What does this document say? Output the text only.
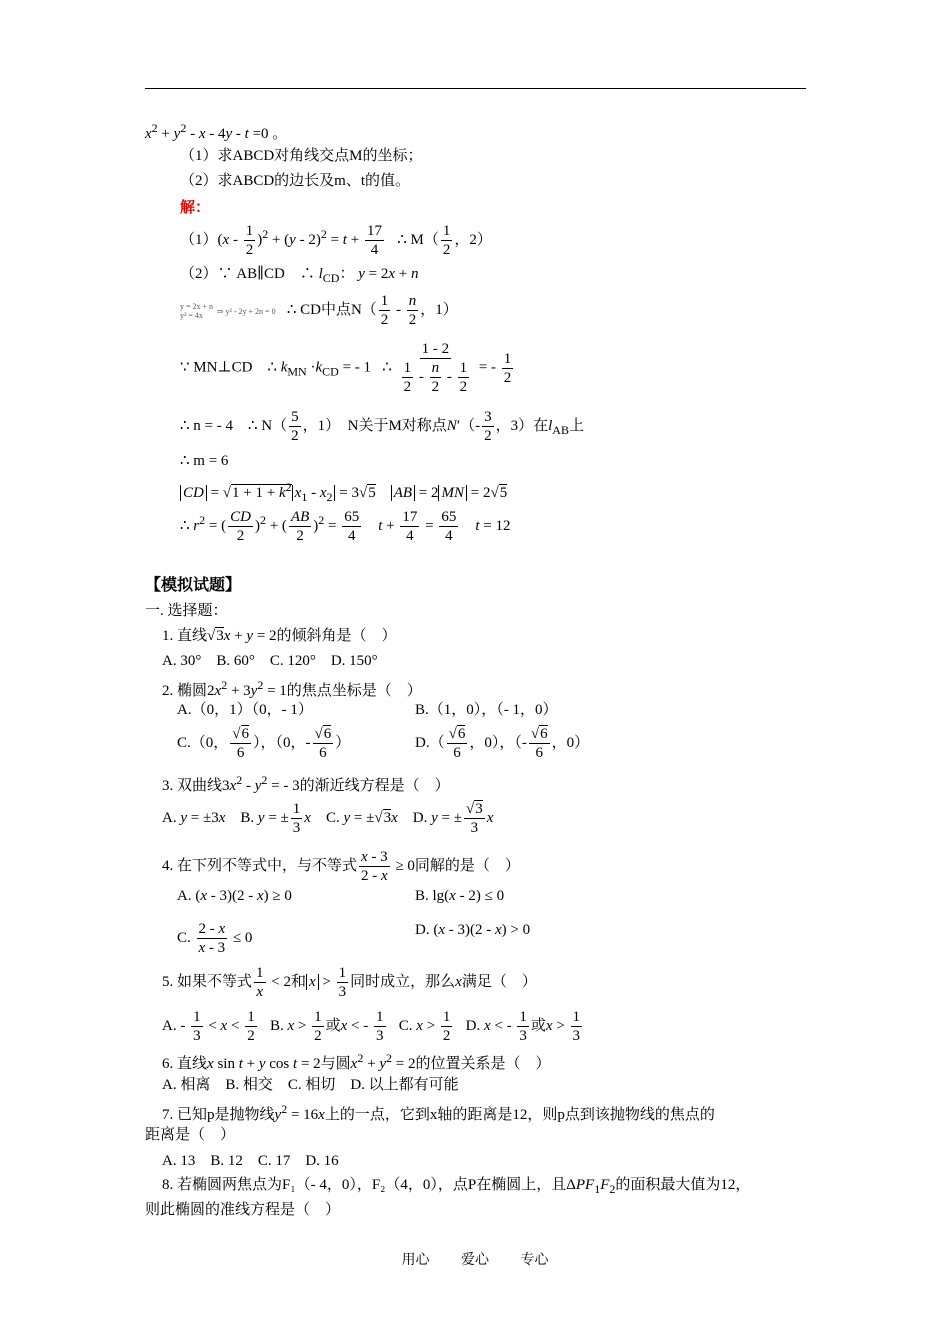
$x^2 + y^2 - x - 4y - t =0$ 。
（1）求ABCD对角线交点M的坐标；
（2）求ABCD的边长及m、t的值。
解：
$(1)(x - \frac{1}{2} )^2 + (y - 2)^2 = t + \frac{17}{4}$ ∴ $M( \frac{1}{2}$ ，2）
（2）∵ AB∥CD　∴ $l_{CD}$： y = 2x + n
y = 2x + n
y² = 4x ⇒ y² - 2y + 2n = 0 ∴ CD中点$N( \frac{1}{2} - \frac{n}{2}$ ，1）
∵ MN⊥CD　∴ $k_{MN} \cdot k_{CD}$ = - 1   ∴ $\frac{1 - 2}{\frac{1}{2} - \frac{n}{2} - \frac{1}{2}}$ = - $\frac{1}{2}$
∴ n = - 4　∴ $N( \frac{5}{2}$ ，1）　N关于M对称点$N'(- \frac{3}{2}$ ，3）在$l_{AB}$上
∴ m = 6
CD = $√1 + 1 + k^2$ $x_1 - x_2 = 3√5$ AB = 2 MN = 2√5
∴ $r^2$ = ( $\frac{CD}{2} )^2$ + ( $\frac{AB}{2} )^2 = \frac{65}{4}$ $t + \frac{17}{4} = \frac{65}{4}$ t = 12
【模拟试题】
一. 选择题：
1. 直线√3x + y = 2的倾斜角是（　）
A. 30°　B. 60°　C. 120°　D. 150°
2. 椭圆$2x^2 + 3y^2 = 1$的焦点坐标是（　）
A.（0，1）（0，- 1）	B.（1，0），（- 1，0）
C.（0， $\frac{√6}{6}$ ），（0，- $\frac{√6}{6}$ ）	$D.( \frac{√6}{6}$ ，0），（- $\frac{√6}{6}$ ，0）
3. 双曲线$3x^2 - y^2$ = - 3的渐近线方程是（　）
A. y = ±3x    B. y = ± $\frac{1}{3}$ x    C. y = ±√3x    D. y = ± $\frac{√3}{3}$ x
4. 在下列不等式中，与不等式 $\frac{x - 3}{2 - x} \ge 0$同解的是（　）
A. (x - 3)(2 - x) ≥ 0	B. lg(x - 2) ≤ 0
C. $\frac{2 - x}{x - 3} \le 0$	D. (x - 3)(2 - x) > 0
5. 如果不等式 $\frac{1}{x} < 2$和 $x > \frac{1}{3}$ 同时成立，那么x满足（　）
A. - $\frac{1}{3} < x < \frac{1}{2} B$. $x > \frac{1}{2}$ 或x < - $\frac{1}{3} C$. $x > \frac{1}{2} D$. x < - $\frac{1}{3}$ 或$x > \frac{1}{3}$
6. 直线x sin t + y cos t = 2与圆$x^2 + y^2 = 2$的位置关系是（　）
A. 相离　B. 相交　C. 相切　D. 以上都有可能
7. 已知p是抛物线$y^2 = 16x$上的一点，它到x轴的距离是12，则p点到该抛物线的焦点的
距离是（　）
A. 13　B. 12　C. 17　D. 16
8. 若椭圆两焦点为F₁（- 4，0），F₂（4，0），点P在椭圆上，且$\Delta PF_1F_2$的面积最大值为12，
则此椭圆的准线方程是（　）
用心 爱心 专心
